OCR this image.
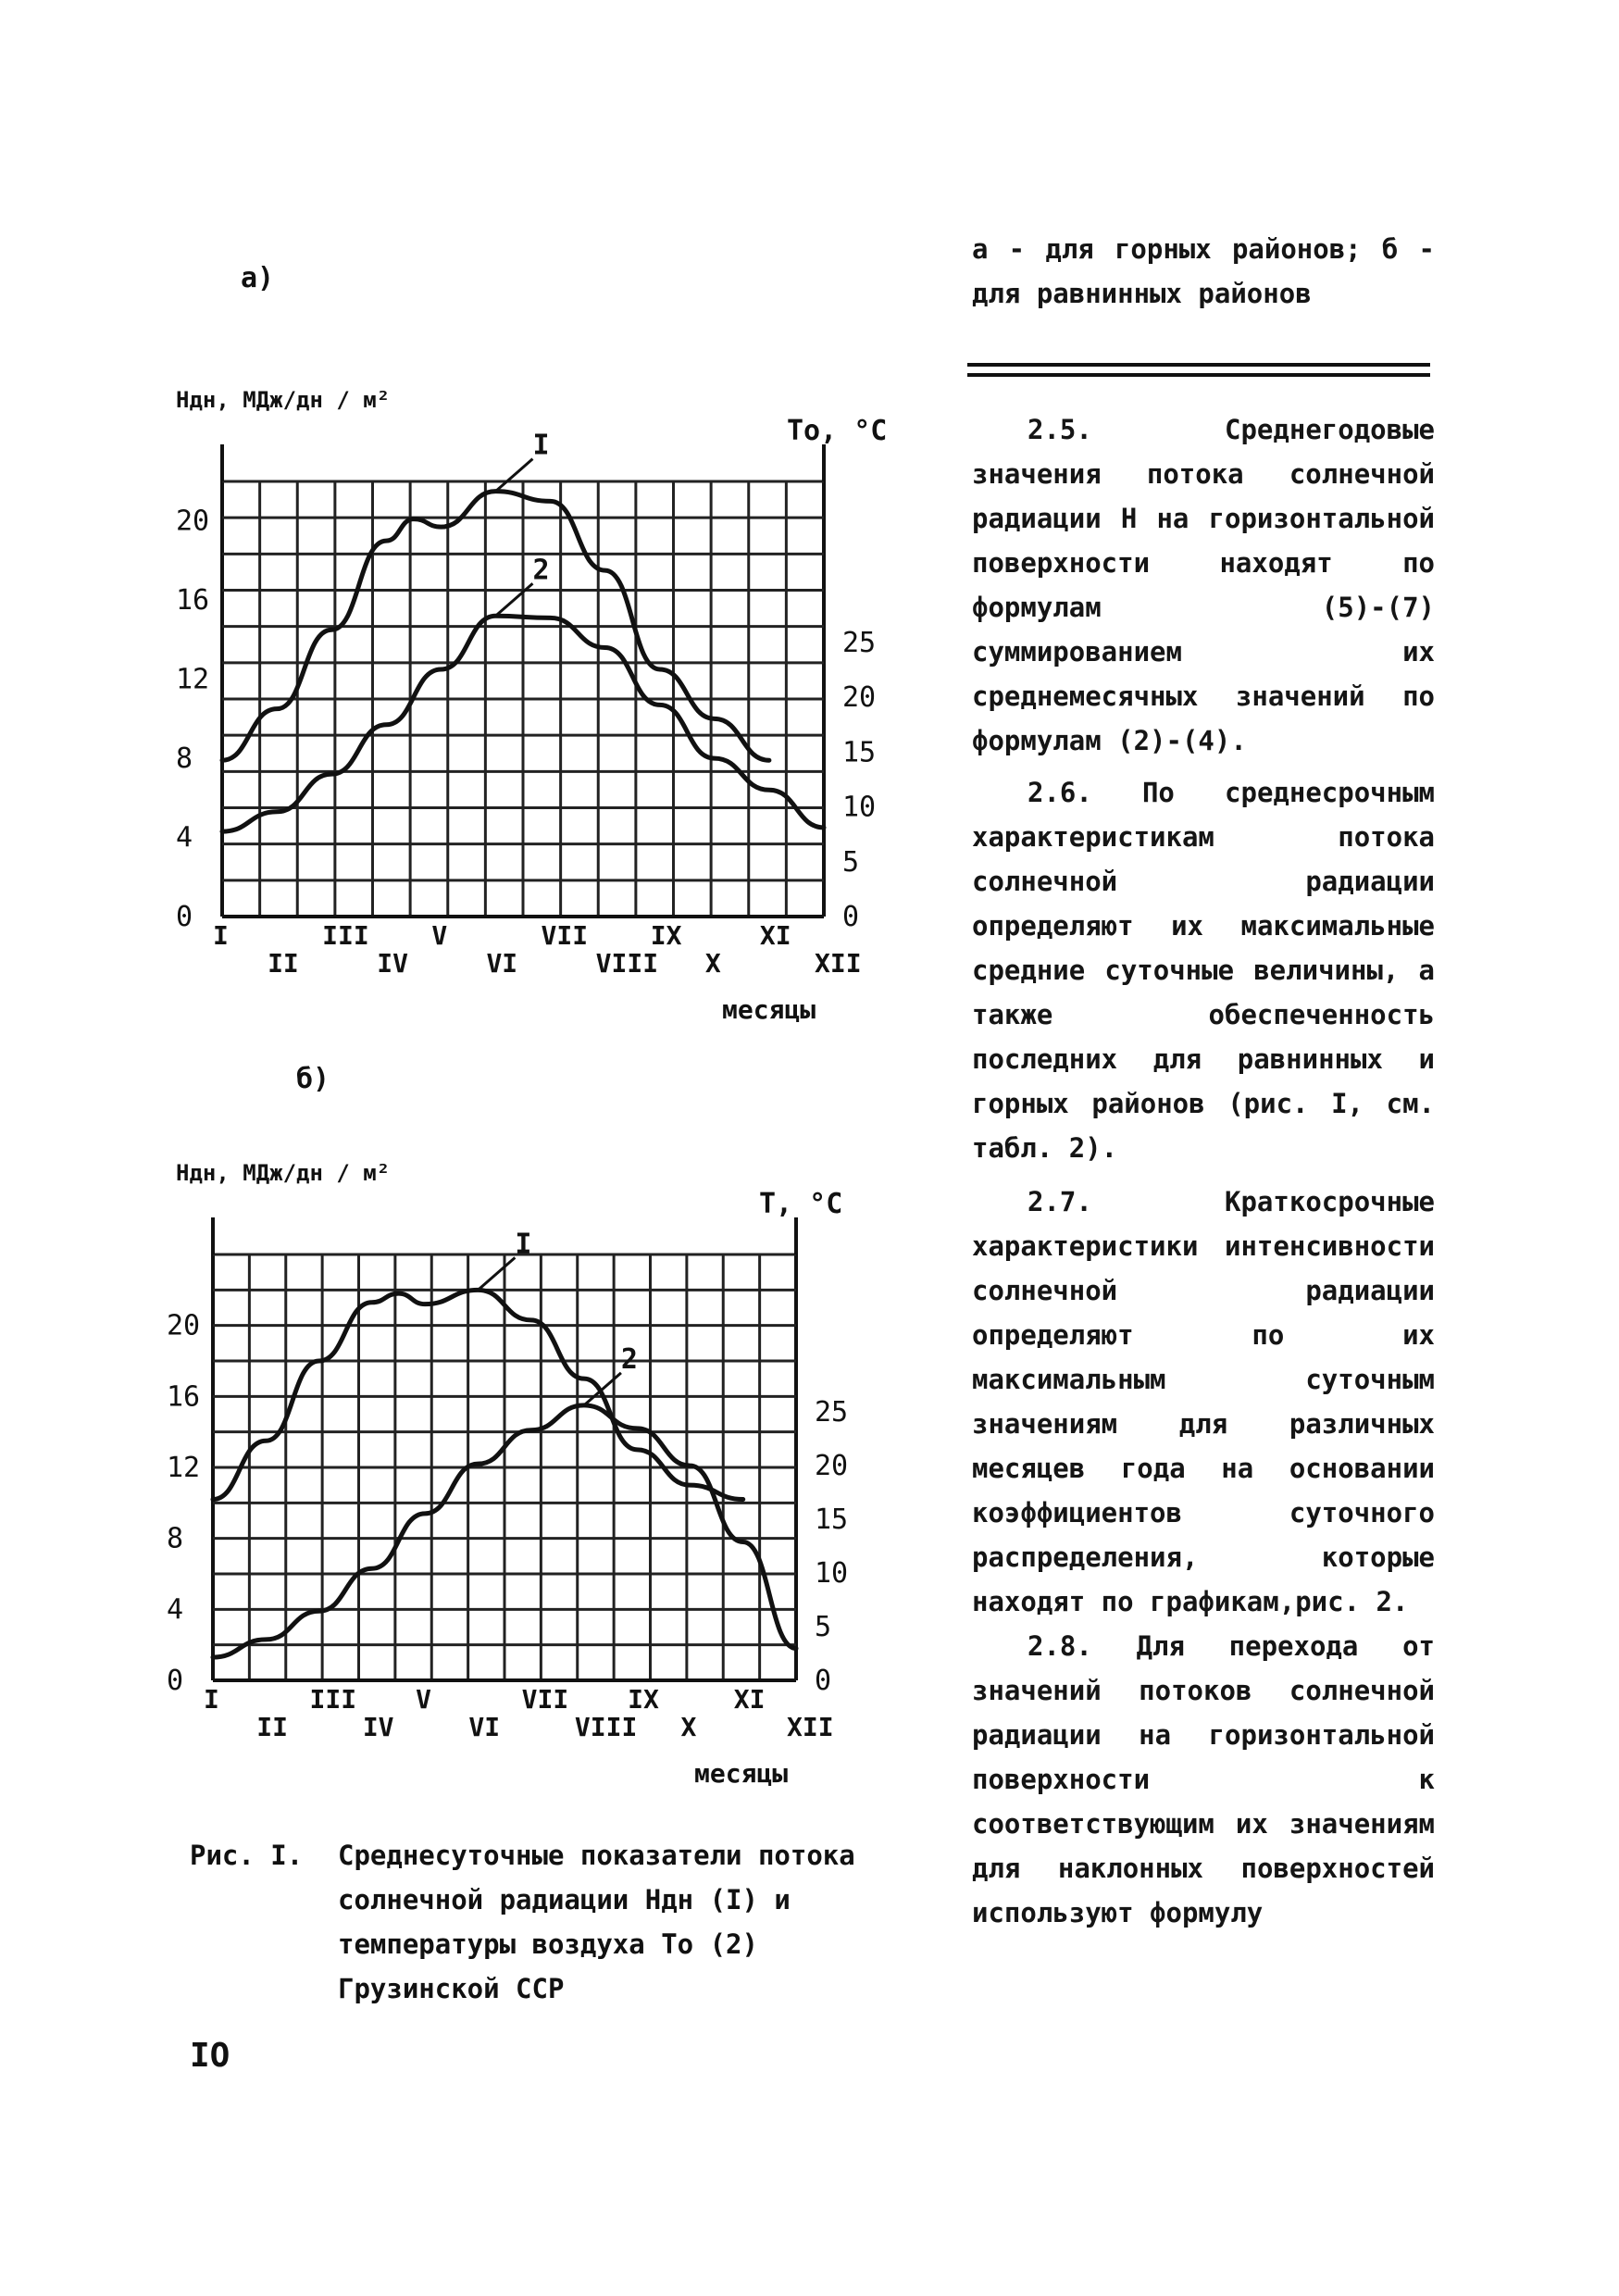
а)
Hдн, МДж/дн / м²
To, °C
месяцы
0
4
8
12
16
20
0
5
10
15
20
25
I
II
III
IV
V
VI
VII
VIII
IX
X
XI
XII
I
2
б)
Hдн, МДж/дн / м²
T, °C
месяцы
0
4
8
12
16
20
0
5
10
15
20
25
I
II
III
IV
V
VI
VII
VIII
IX
X
XI
XII
I
2
а - для горных районов; б - для равнинных районов
2.5. Среднегодовые значения потока солнечной радиации Н на горизонтальной поверхности находят по формулам (5)-(7) суммированием их среднемесячных значений по формулам (2)-(4).
2.6. По среднесрочным характеристикам потока солнечной радиации определяют их максимальные средние суточные величины, а также обеспеченность последних для равнинных и горных районов (рис. I, см. табл. 2).
2.7. Краткосрочные характеристики интенсивности солнечной радиации определяют по их максимальным суточным значениям для различных месяцев года на основании коэффициентов суточного распределения, которые находят по графикам,рис. 2.
2.8. Для перехода от значений потоков солнечной радиации на горизонтальной поверхности к соответствующим их значениям для наклонных поверхностей используют формулу
Рис. I. Среднесуточные показатели потока солнечной радиации Hдн (I) и температуры воздуха To (2) Грузинской ССР
IO
